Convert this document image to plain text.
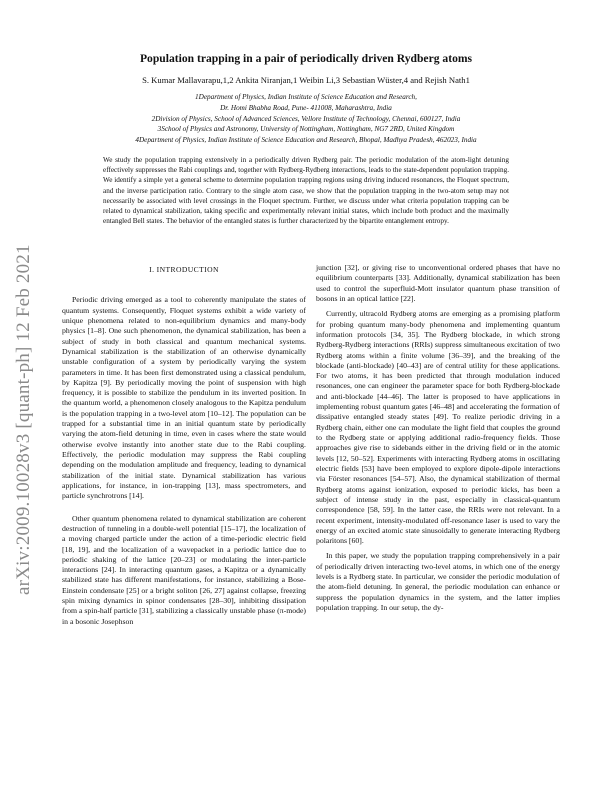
arXiv:2009.10028v3 [quant-ph] 12 Feb 2021
Population trapping in a pair of periodically driven Rydberg atoms
S. Kumar Mallavarapu,1,2 Ankita Niranjan,1 Weibin Li,3 Sebastian Wüster,4 and Rejish Nath1
1Department of Physics, Indian Institute of Science Education and Research,
Dr. Homi Bhabha Road, Pune- 411008, Maharashtra, India
2Division of Physics, School of Advanced Sciences, Vellore Institute of Technology, Chennai, 600127, India
3School of Physics and Astronomy, University of Nottingham, Nottingham, NG7 2RD, United Kingdom
4Department of Physics, Indian Institute of Science Education and Research, Bhopal, Madhya Pradesh, 462023, India
We study the population trapping extensively in a periodically driven Rydberg pair. The periodic modulation of the atom-light detuning effectively suppresses the Rabi couplings and, together with Rydberg-Rydberg interactions, leads to the state-dependent population trapping. We identify a simple yet a general scheme to determine population trapping regions using driving induced resonances, the Floquet spectrum, and the inverse participation ratio. Contrary to the single atom case, we show that the population trapping in the two-atom setup may not necessarily be associated with level crossings in the Floquet spectrum. Further, we discuss under what criteria population trapping can be related to dynamical stabilization, taking specific and experimentally relevant initial states, which include both product and the maximally entangled Bell states. The behavior of the entangled states is further characterized by the bipartite entanglement entropy.
I. INTRODUCTION

Periodic driving emerged as a tool to coherently manipulate the states of quantum systems. Consequently, Floquet systems exhibit a wide variety of unique phenomena related to non-equilibrium dynamics and many-body physics [1–8]. One such phenomenon, the dynamical stabilization, has been a subject of study in both classical and quantum mechanical systems. Dynamical stabilization is the stabilization of an otherwise dynamically unstable configuration of a system by periodically varying the system parameters in time. It has been first demonstrated using a classical pendulum, by Kapitza [9]. By periodically moving the point of suspension with high frequency, it is possible to stabilize the pendulum in its inverted position. In the quantum world, a phenomenon closely analogous to the Kapitza pendulum is the population trapping in a two-level atom [10–12]. The population can be trapped for a substantial time in an initial quantum state by periodically varying the atom-field detuning in time, even in cases where the state would otherwise evolve instantly into another state due to the Rabi coupling. Effectively, the periodic modulation may suppress the Rabi coupling depending on the modulation amplitude and frequency, leading to dynamical stabilization of the initial state. Dynamical stabilization has various applications, for instance, in ion-trapping [13], mass spectrometers, and particle synchrotrons [14].

Other quantum phenomena related to dynamical stabilization are coherent destruction of tunneling in a double-well potential [15–17], the localization of a moving charged particle under the action of a time-periodic electric field [18, 19], and the localization of a wavepacket in a periodic lattice due to periodic shaking of the lattice [20–23] or modulating the inter-particle interactions [24]. In interacting quantum gases, a Kapitza or a dynamically stabilized state has different manifestations, for instance, stabilizing a Bose-Einstein condensate [25] or a bright soliton [26, 27] against collapse, freezing spin mixing dynamics in spinor condensates [28–30], inhibiting dissipation from a spin-half particle [31], stabilizing a classically unstable phase (π-mode) in a bosonic Josephson

junction [32], or giving rise to unconventional ordered phases that have no equilibrium counterparts [33]. Additionally, dynamical stabilization has been used to control the superfluid-Mott insulator quantum phase transition of bosons in an optical lattice [22].

Currently, ultracold Rydberg atoms are emerging as a promising platform for probing quantum many-body phenomena and implementing quantum information protocols [34, 35]. The Rydberg blockade, in which strong Rydberg-Rydberg interactions (RRIs) suppress simultaneous excitation of two Rydberg atoms within a finite volume [36–39], and the breaking of the blockade (anti-blockade) [40–43] are of central utility for these applications. For two atoms, it has been predicted that through modulation induced resonances, one can engineer the parameter space for both Rydberg-blockade and anti-blockade [44–46]. The latter is proposed to have applications in implementing robust quantum gates [46–48] and accelerating the formation of dissipative entangled steady states [49]. To realize periodic driving in a Rydberg chain, either one can modulate the light field that couples the ground to the Rydberg state or applying additional radio-frequency fields. Those approaches give rise to sidebands either in the driving field or in the atomic levels [12, 50–52]. Experiments with interacting Rydberg atoms in oscillating electric fields [53] have been employed to explore dipole-dipole interactions via Förster resonances [54–57]. Also, the dynamical stabilization of thermal Rydberg atoms against ionization, exposed to periodic kicks, has been a subject of intense study in the past, especially in classical-quantum correspondence [58, 59]. In the latter case, the RRIs were not relevant. In a recent experiment, intensity-modulated off-resonance laser is used to vary the energy of an excited atomic state sinusoidally to generate interacting Rydberg polaritons [60].

In this paper, we study the population trapping comprehensively in a pair of periodically driven interacting two-level atoms, in which one of the energy levels is a Rydberg state. In particular, we consider the periodic modulation of the atom-field detuning. In general, the periodic modulation can enhance or suppress the population dynamics in the system, and the latter implies population trapping. In our setup, the dy-
